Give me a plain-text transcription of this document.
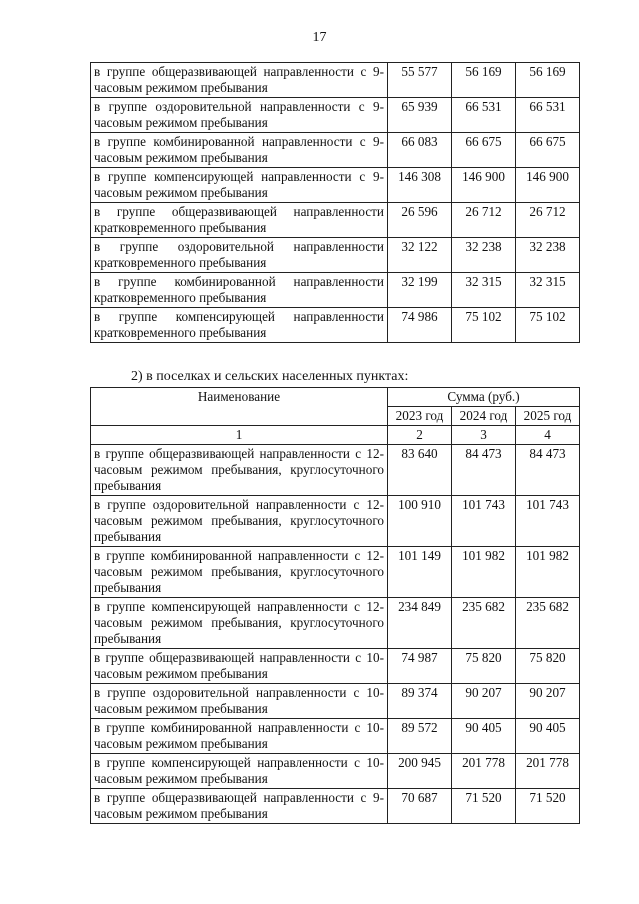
17
в группе общеразвивающей направленности с 9-часовым режимом пребывания	55 577	56 169	56 169
в группе оздоровительной направленности с 9-часовым режимом пребывания	65 939	66 531	66 531
в группе комбинированной направленности с 9-часовым режимом пребывания	66 083	66 675	66 675
в группе компенсирующей направленности с 9-часовым режимом пребывания	146 308	146 900	146 900
в группе общеразвивающей направленности кратковременного пребывания	26 596	26 712	26 712
в группе оздоровительной направленности кратковременного пребывания	32 122	32 238	32 238
в группе комбинированной направленности кратковременного пребывания	32 199	32 315	32 315
в группе компенсирующей направленности кратковременного пребывания	74 986	75 102	75 102
2) в поселках и сельских населенных пунктах:
Наименование	Сумма (руб.)		
	2023 год	2024 год	2025 год
1	2	3	4
в группе общеразвивающей направленности с 12-часовым режимом пребывания, круглосуточного пребывания	83 640	84 473	84 473
в группе оздоровительной направленности с 12-часовым режимом пребывания, круглосуточного пребывания	100 910	101 743	101 743
в группе комбинированной направленности с 12-часовым режимом пребывания, круглосуточного пребывания	101 149	101 982	101 982
в группе компенсирующей направленности с 12-часовым режимом пребывания, круглосуточного пребывания	234 849	235 682	235 682
в группе общеразвивающей направленности с 10-часовым режимом пребывания	74 987	75 820	75 820
в группе оздоровительной направленности с 10-часовым режимом пребывания	89 374	90 207	90 207
в группе комбинированной направленности с 10-часовым режимом пребывания	89 572	90 405	90 405
в группе компенсирующей направленности с 10-часовым режимом пребывания	200 945	201 778	201 778
в группе общеразвивающей направленности с 9-часовым режимом пребывания	70 687	71 520	71 520
